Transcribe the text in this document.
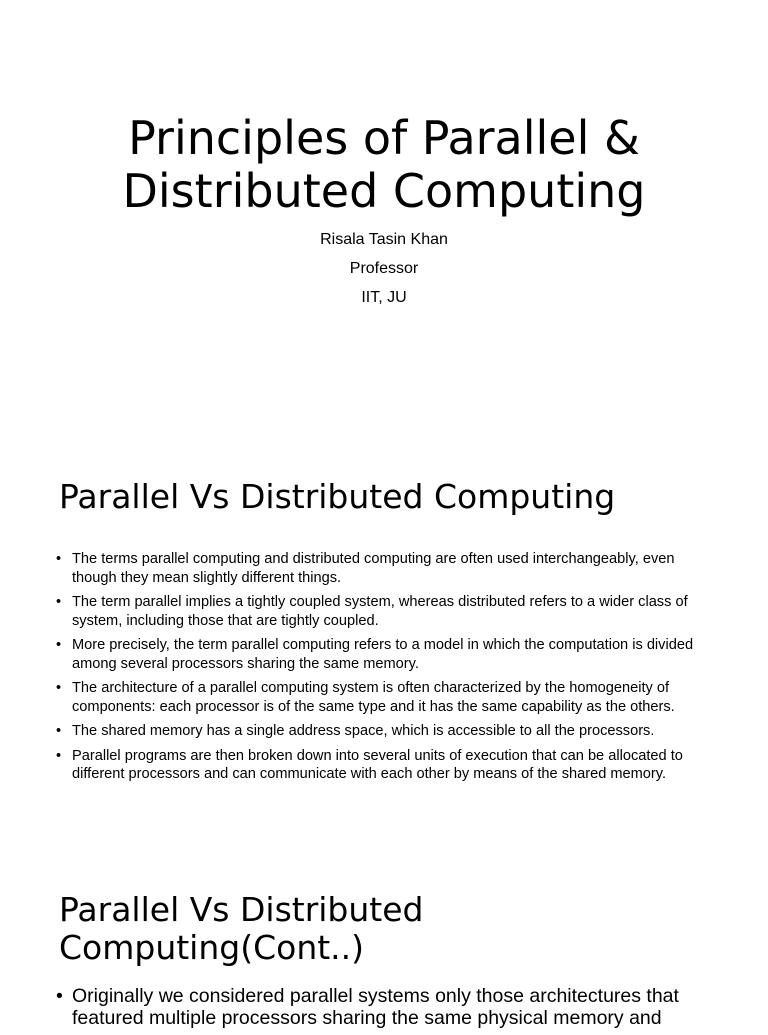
Principles of Parallel &
Distributed Computing
Risala Tasin Khan
Professor
IIT, JU
Parallel Vs Distributed Computing
• The terms parallel computing and distributed computing are often used interchangeably, even though they mean slightly different things.
• The term parallel implies a tightly coupled system, whereas distributed refers to a wider class of system, including those that are tightly coupled.
• More precisely, the term parallel computing refers to a model in which the computation is divided among several processors sharing the same memory.
• The architecture of a parallel computing system is often characterized by the homogeneity of components: each processor is of the same type and it has the same capability as the others.
• The shared memory has a single address space, which is accessible to all the processors.
• Parallel programs are then broken down into several units of execution that can be allocated to different processors and can communicate with each other by means of the shared memory.
Parallel Vs Distributed
Computing(Cont..)
• Originally we considered parallel systems only those architectures that featured multiple processors sharing the same physical memory and
